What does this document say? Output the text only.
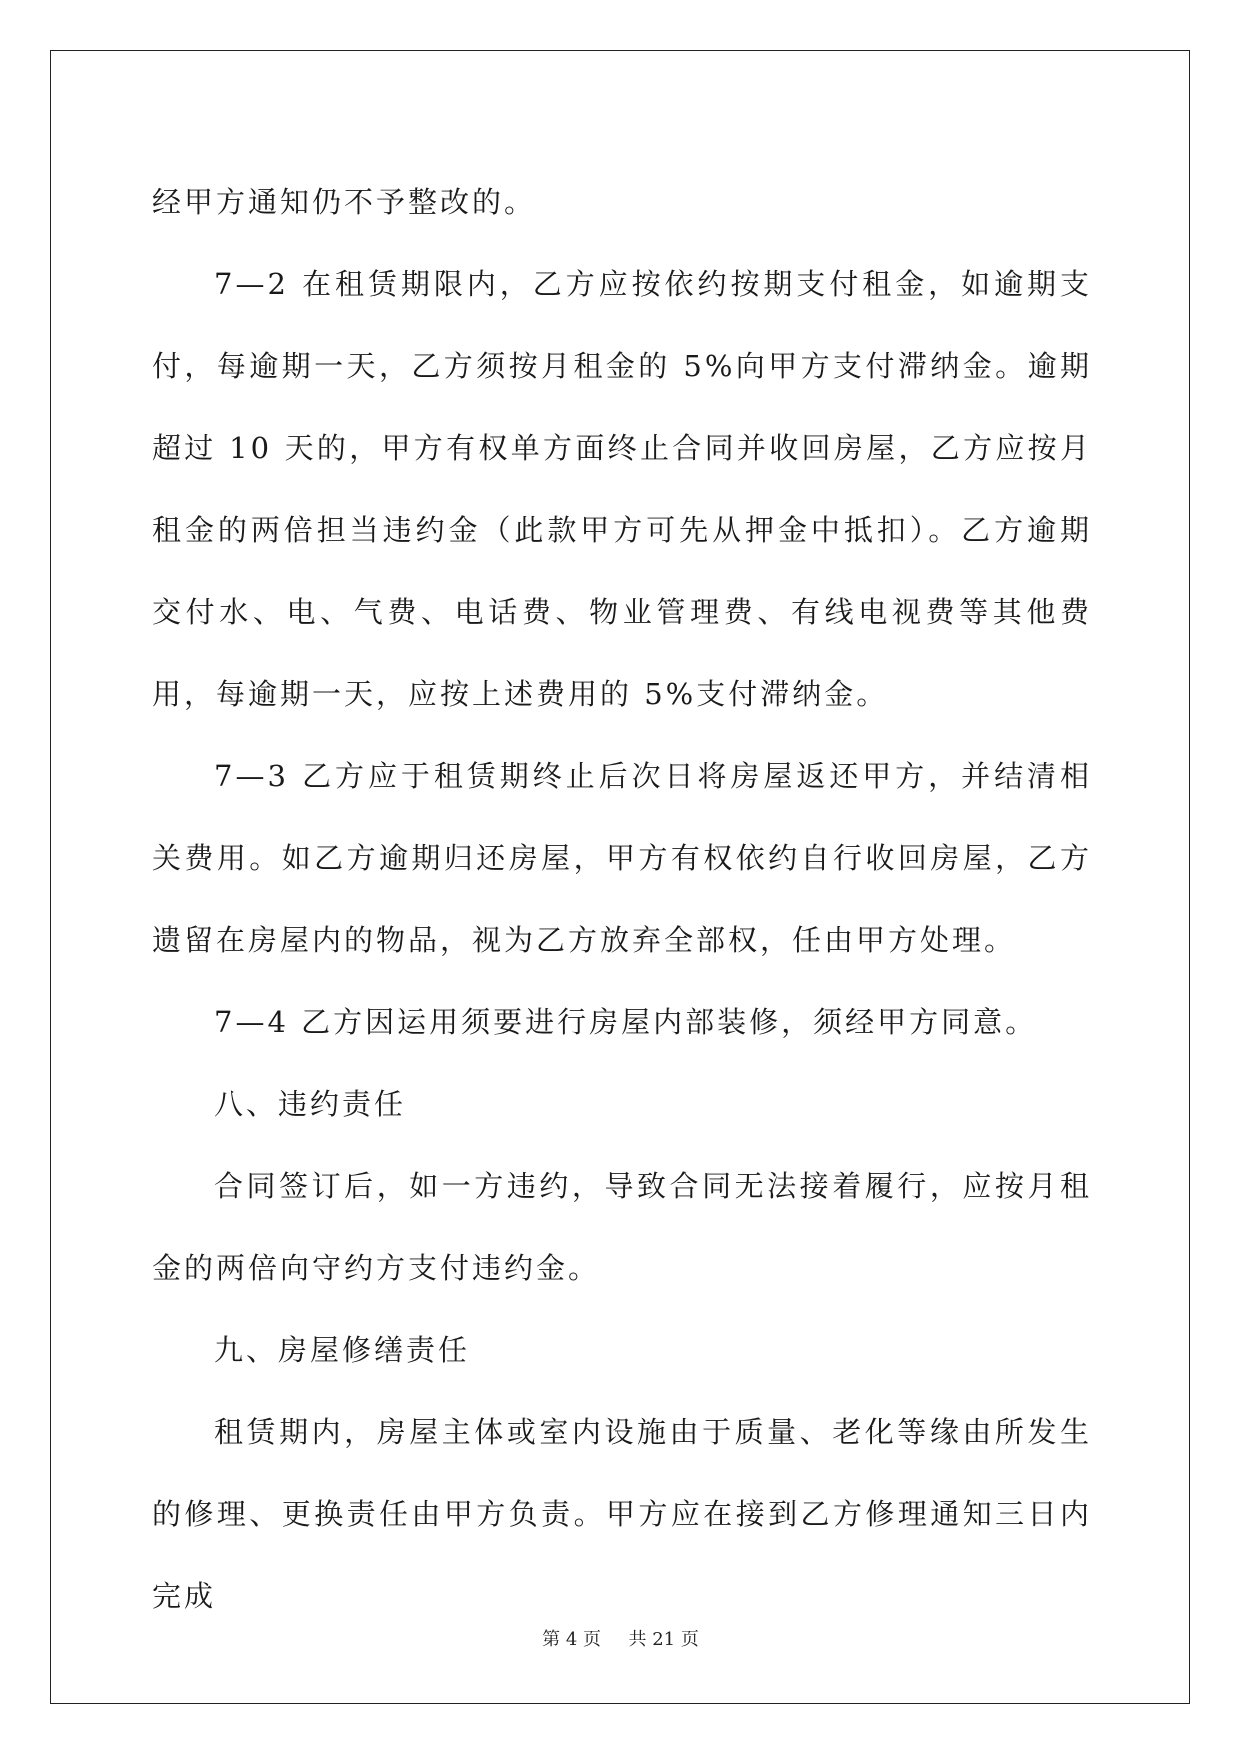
经甲方通知仍不予整改的。

7—2 在租赁期限内，乙方应按依约按期支付租金，如逾期支付，每逾期一天，乙方须按月租金的 5%向甲方支付滞纳金。逾期超过 10 天的，甲方有权单方面终止合同并收回房屋，乙方应按月租金的两倍担当违约金（此款甲方可先从押金中抵扣）。乙方逾期交付水、电、气费、电话费、物业管理费、有线电视费等其他费用，每逾期一天，应按上述费用的 5%支付滞纳金。

7—3 乙方应于租赁期终止后次日将房屋返还甲方，并结清相关费用。如乙方逾期归还房屋，甲方有权依约自行收回房屋，乙方遗留在房屋内的物品，视为乙方放弃全部权，任由甲方处理。

7—4 乙方因运用须要进行房屋内部装修，须经甲方同意。

八、违约责任

合同签订后，如一方违约，导致合同无法接着履行，应按月租金的两倍向守约方支付违约金。

九、房屋修缮责任

租赁期内，房屋主体或室内设施由于质量、老化等缘由所发生的修理、更换责任由甲方负责。甲方应在接到乙方修理通知三日内完成

第 4 页 共 21 页
